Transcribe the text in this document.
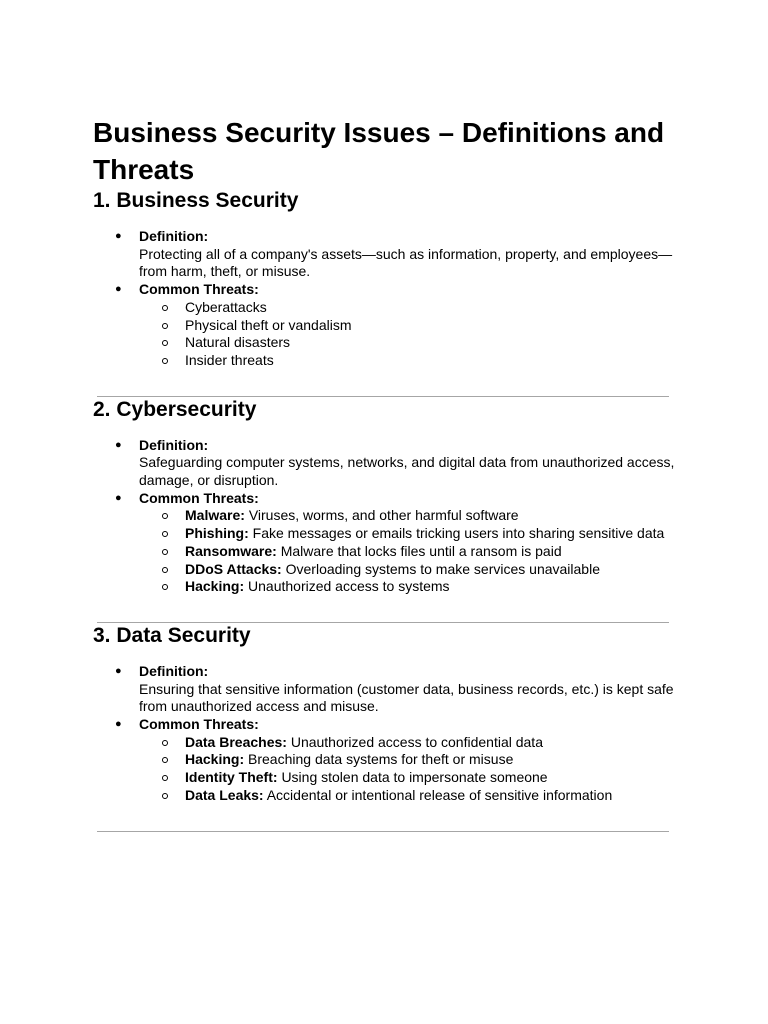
Business Security Issues – Definitions and Threats
1. Business Security
● Definition:
Protecting all of a company's assets—such as information, property, and employees—from harm, theft, or misuse.
● Common Threats:
Cyberattacks
Physical theft or vandalism
Natural disasters
Insider threats
2. Cybersecurity
● Definition:
Safeguarding computer systems, networks, and digital data from unauthorized access, damage, or disruption.
● Common Threats:
Malware: Viruses, worms, and other harmful software
Phishing: Fake messages or emails tricking users into sharing sensitive data
Ransomware: Malware that locks files until a ransom is paid
DDoS Attacks: Overloading systems to make services unavailable
Hacking: Unauthorized access to systems
3. Data Security
● Definition:
Ensuring that sensitive information (customer data, business records, etc.) is kept safe from unauthorized access and misuse.
● Common Threats:
Data Breaches: Unauthorized access to confidential data
Hacking: Breaching data systems for theft or misuse
Identity Theft: Using stolen data to impersonate someone
Data Leaks: Accidental or intentional release of sensitive information
